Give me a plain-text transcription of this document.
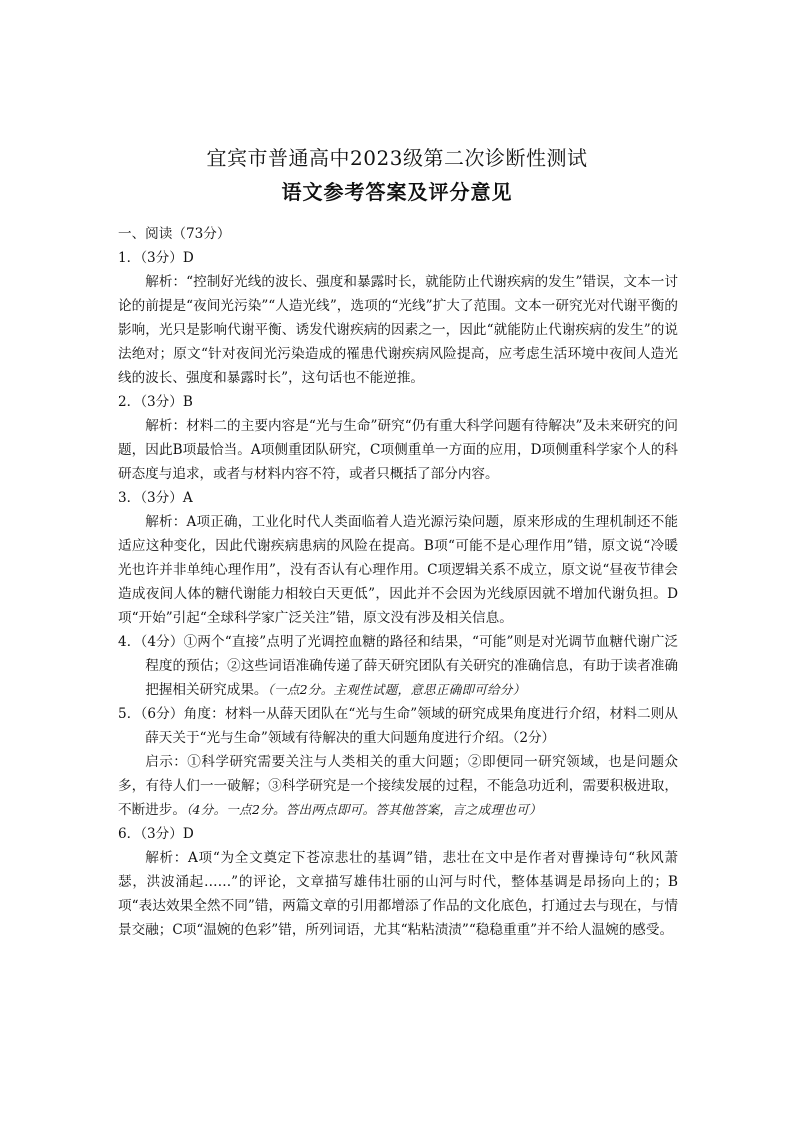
宜宾市普通高中2023级第二次诊断性测试
语文参考答案及评分意见

一、阅读（73分）

1．（3分）D

解析：“控制好光线的波长、强度和暴露时长，就能防止代谢疾病的发生”错误，文本一讨论的前提是“夜间光污染”“人造光线”，选项的“光线”扩大了范围。文本一研究光对代谢平衡的影响，光只是影响代谢平衡、诱发代谢疾病的因素之一，因此“就能防止代谢疾病的发生”的说法绝对；原文“针对夜间光污染造成的罹患代谢疾病风险提高，应考虑生活环境中夜间人造光线的波长、强度和暴露时长”，这句话也不能逆推。

2．（3分）B

解析：材料二的主要内容是“光与生命”研究“仍有重大科学问题有待解决”及未来研究的问题，因此B项最恰当。A项侧重团队研究，C项侧重单一方面的应用，D项侧重科学家个人的科研态度与追求，或者与材料内容不符，或者只概括了部分内容。

3．（3分）A

解析：A项正确，工业化时代人类面临着人造光源污染问题，原来形成的生理机制还不能适应这种变化，因此代谢疾病患病的风险在提高。B项“可能不是心理作用”错，原文说“冷暖光也许并非单纯心理作用”，没有否认有心理作用。C项逻辑关系不成立，原文说“昼夜节律会造成夜间人体的糖代谢能力相较白天更低”，因此并不会因为光线原因就不增加代谢负担。D项“开始”引起“全球科学家广泛关注”错，原文没有涉及相关信息。

4．（4分）①两个“直接”点明了光调控血糖的路径和结果，“可能”则是对光调节血糖代谢广泛程度的预估；②这些词语准确传递了薛天研究团队有关研究的准确信息，有助于读者准确把握相关研究成果。（一点2分。主观性试题，意思正确即可给分）

5．（6分）角度：材料一从薛天团队在“光与生命”领域的研究成果角度进行介绍，材料二则从薛天关于“光与生命”领域有待解决的重大问题角度进行介绍。（2分）

启示：①科学研究需要关注与人类相关的重大问题；②即便同一研究领域，也是问题众多，有待人们一一破解；③科学研究是一个接续发展的过程，不能急功近利，需要积极进取，不断进步。（4分。一点2分。答出两点即可。答其他答案，言之成理也可）

6．（3分）D

解析：A项“为全文奠定下苍凉悲壮的基调”错，悲壮在文中是作者对曹操诗句“秋风萧瑟，洪波涌起……”的评论，文章描写雄伟壮丽的山河与时代，整体基调是昂扬向上的；B项“表达效果全然不同”错，两篇文章的引用都增添了作品的文化底色，打通过去与现在，与情景交融；C项“温婉的色彩”错，所列词语，尤其“粘粘渍渍”“稳稳重重”并不给人温婉的感受。
